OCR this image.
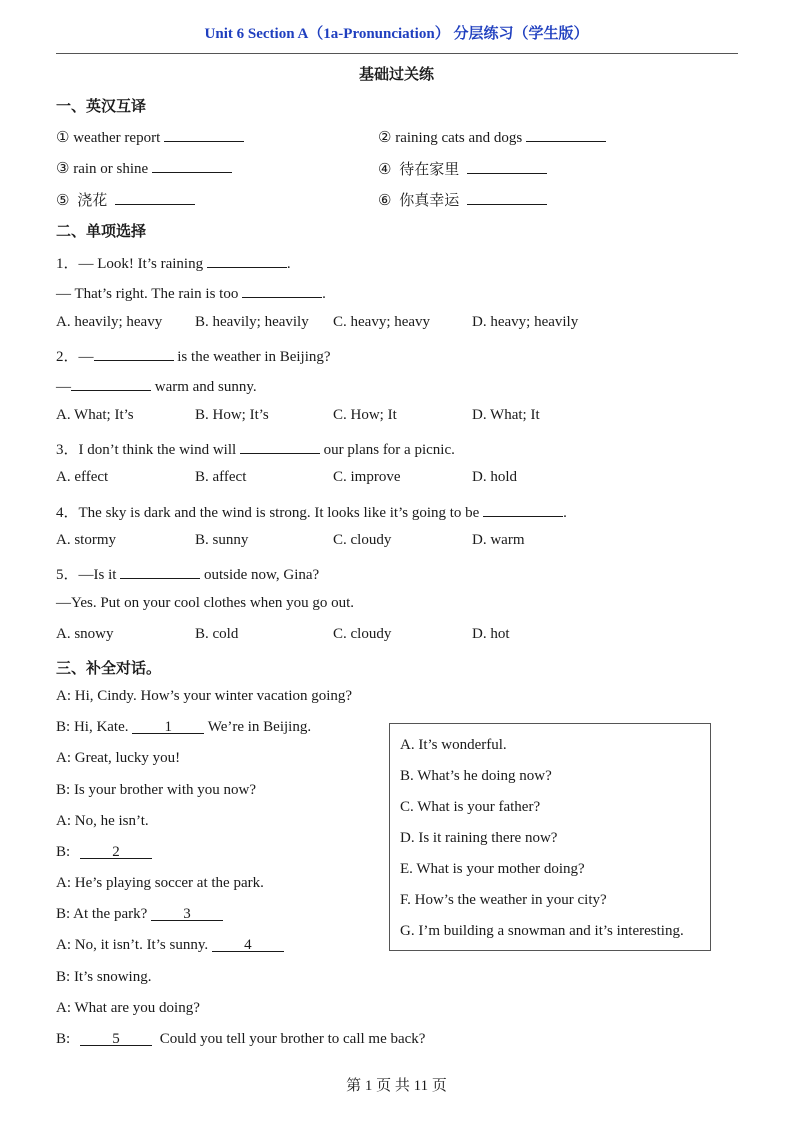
Unit 6 Section A（1a-Pronunciation） 分层练习（学生版）
基础过关练
一、英汉互译
① weather report	② raining cats and dogs
③ rain or shine	④ 待在家里
⑤ 浇花	⑥ 你真幸运
二、单项选择
1．— Look! It’s raining	.
— That’s right. The rain is too	.
A. heavily; heavy B. heavily; heavily C. heavy; heavy	D. heavy; heavily
2．—	is the weather in Beijing?
—	warm and sunny.
A. What; It’s	B. How; It’s	C. How; It	D. What; It
3．I don’t think the wind will	our plans for a picnic.
A. effect	B. affect	C. improve	D. hold
4．The sky is dark and the wind is strong. It looks like it’s going to be	.
A. stormy	B. sunny	C. cloudy	D. warm
5．—Is it	outside now, Gina?
—Yes. Put on your cool clothes when you go out.
A. snowy	B. cold	C. cloudy	D. hot
三、补全对话。
A: Hi, Cindy. How’s your winter vacation going?
B: Hi, Kate. 1 We’re in Beijing.
A: Great, lucky you!
B: Is your brother with you now?
A: No, he isn’t.
B:	2
A: He’s playing soccer at the park.
B: At the park? 3
A: No, it isn’t. It’s sunny. 4
B: It’s snowing.
A: What are you doing?
B:	5	Could you tell your brother to call me back?
A. It’s wonderful.
B. What’s he doing now?
C. What is your father?
D. Is it raining there now?
E. What is your mother doing?
F. How’s the weather in your city?
G. I’m building a snowman and it’s interesting.
第 1 页 共 11 页
